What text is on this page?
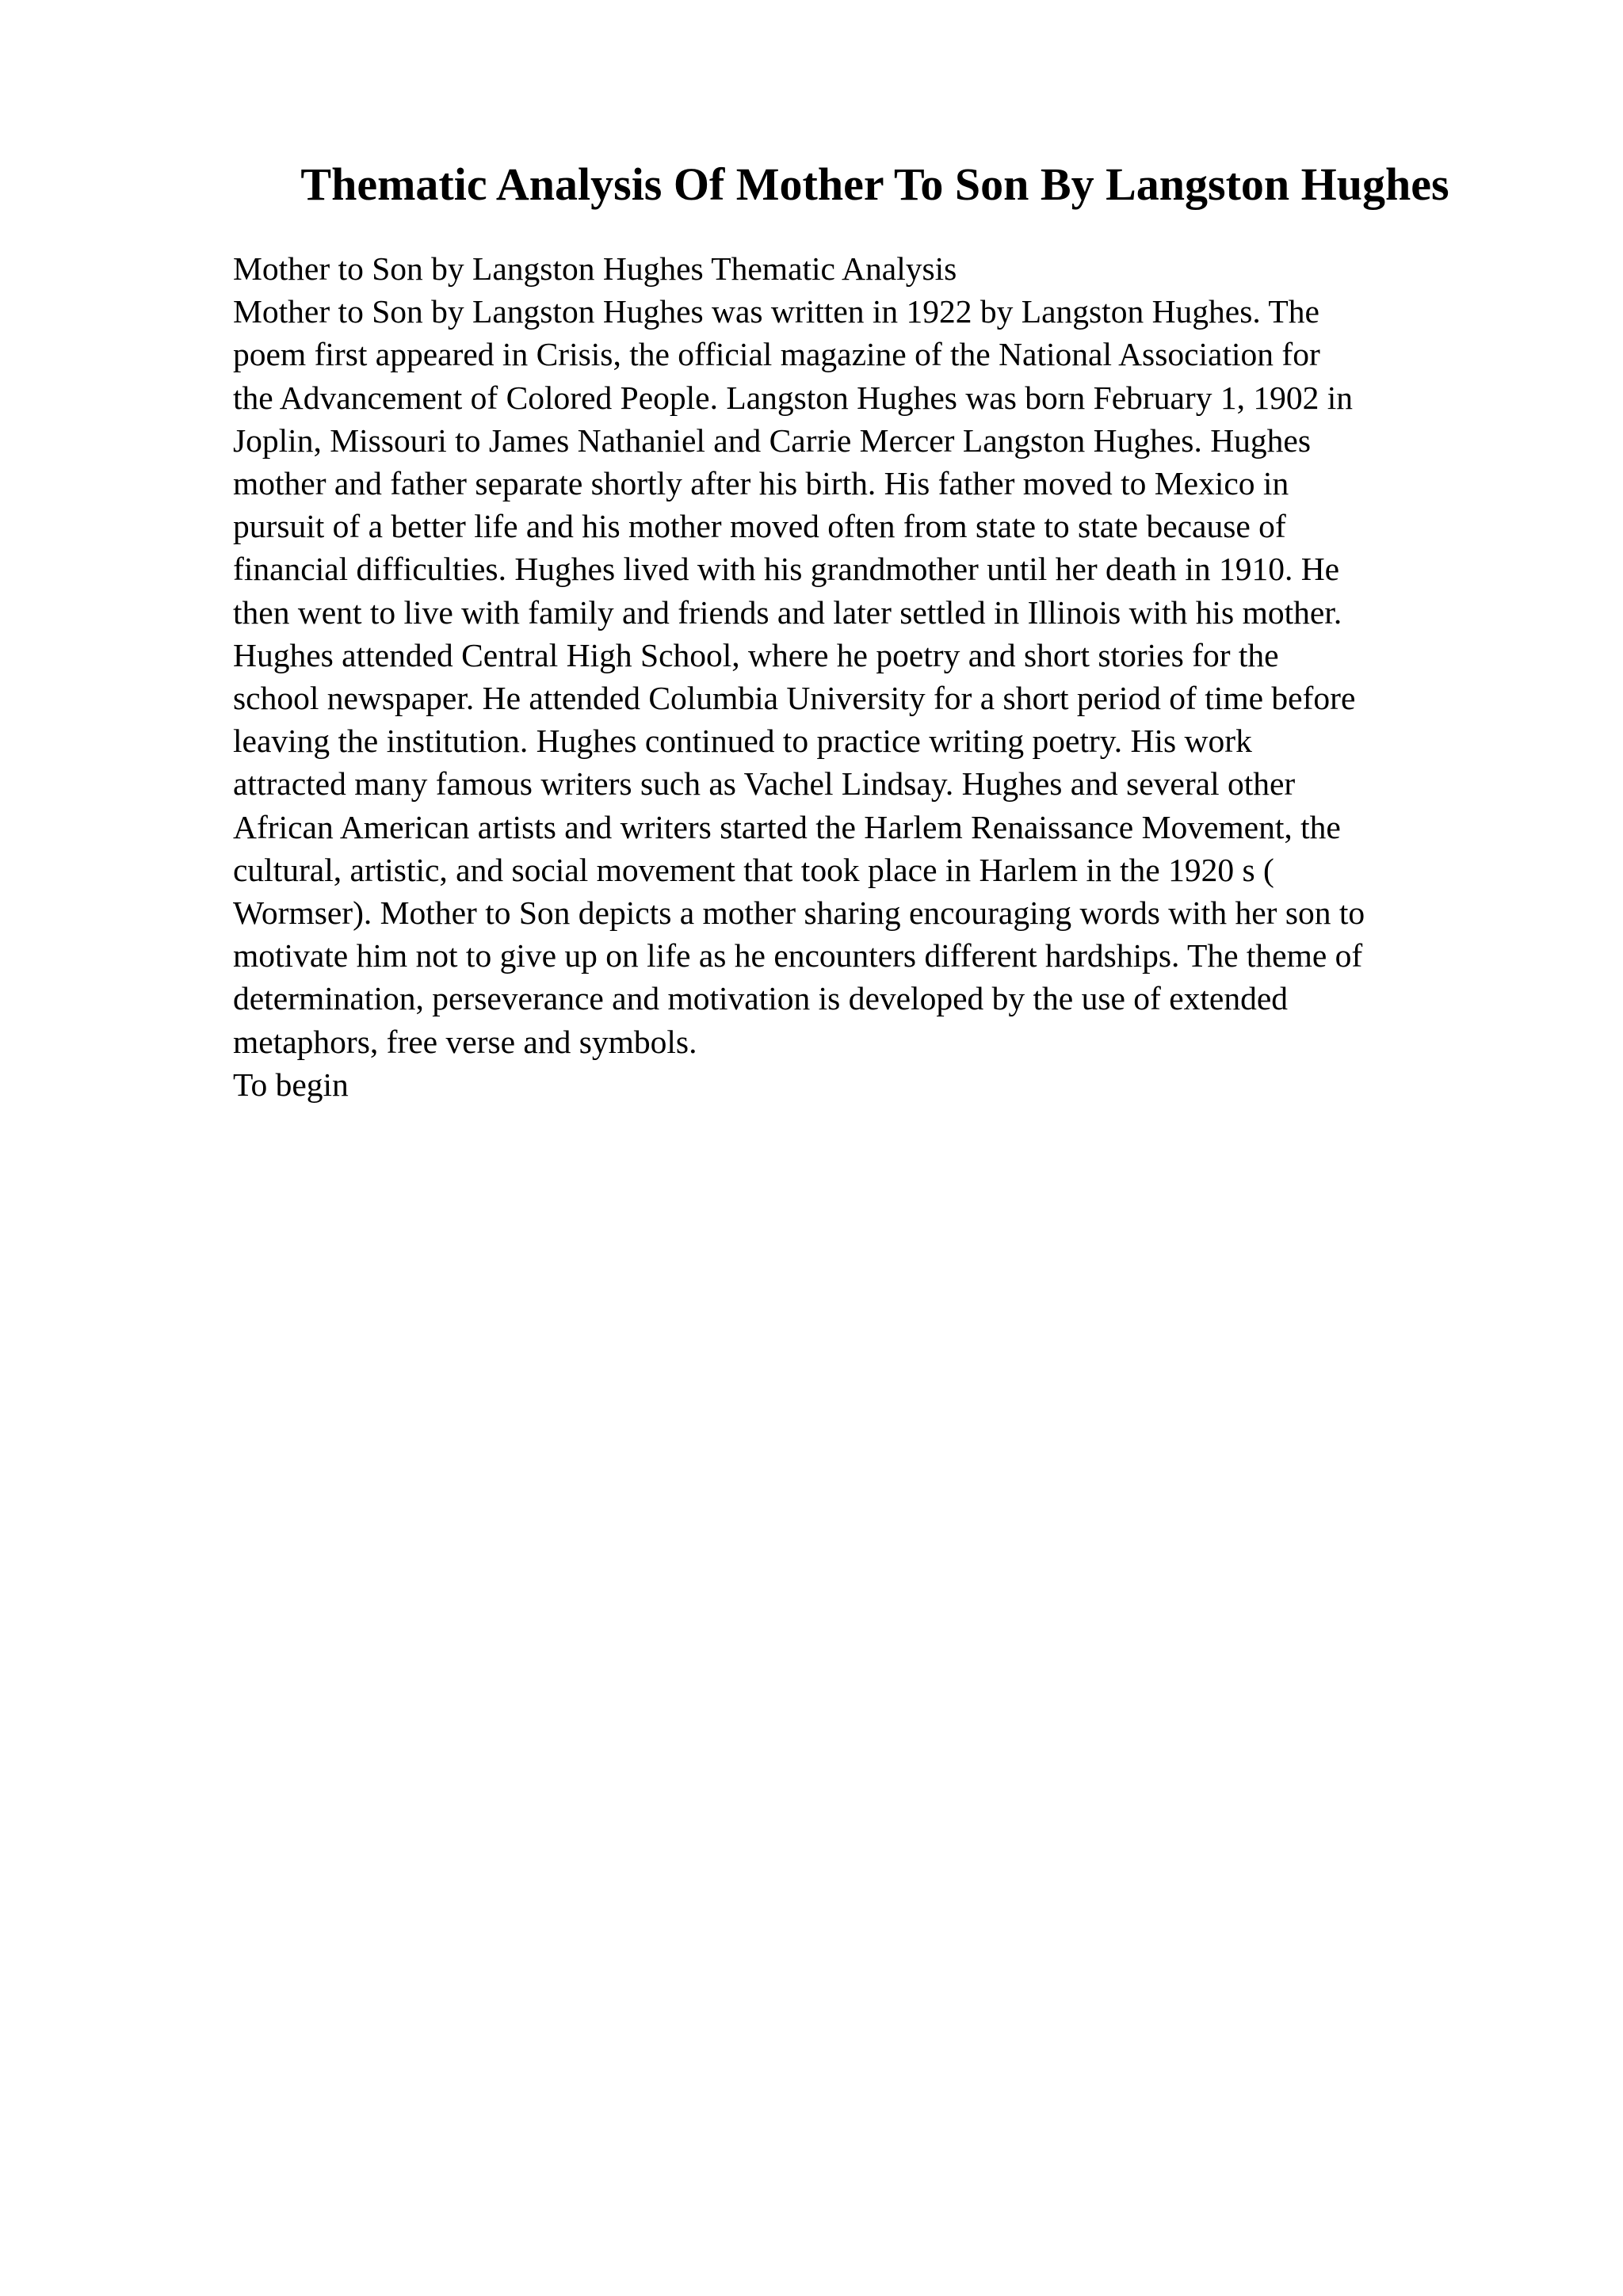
Thematic Analysis Of Mother To Son By Langston Hughes
Mother to Son by Langston Hughes Thematic Analysis
Mother to Son by Langston Hughes was written in 1922 by Langston Hughes. The
poem first appeared in Crisis, the official magazine of the National Association for
the Advancement of Colored People. Langston Hughes was born February 1, 1902 in
Joplin, Missouri to James Nathaniel and Carrie Mercer Langston Hughes. Hughes
mother and father separate shortly after his birth. His father moved to Mexico in
pursuit of a better life and his mother moved often from state to state because of
financial difficulties. Hughes lived with his grandmother until her death in 1910. He
then went to live with family and friends and later settled in Illinois with his mother.
Hughes attended Central High School, where he poetry and short stories for the
school newspaper. He attended Columbia University for a short period of time before
leaving the institution. Hughes continued to practice writing poetry. His work
attracted many famous writers such as Vachel Lindsay. Hughes and several other
African American artists and writers started the Harlem Renaissance Movement, the
cultural, artistic, and social movement that took place in Harlem in the 1920 s (
Wormser). Mother to Son depicts a mother sharing encouraging words with her son to
motivate him not to give up on life as he encounters different hardships. The theme of
determination, perseverance and motivation is developed by the use of extended
metaphors, free verse and symbols.
To begin
